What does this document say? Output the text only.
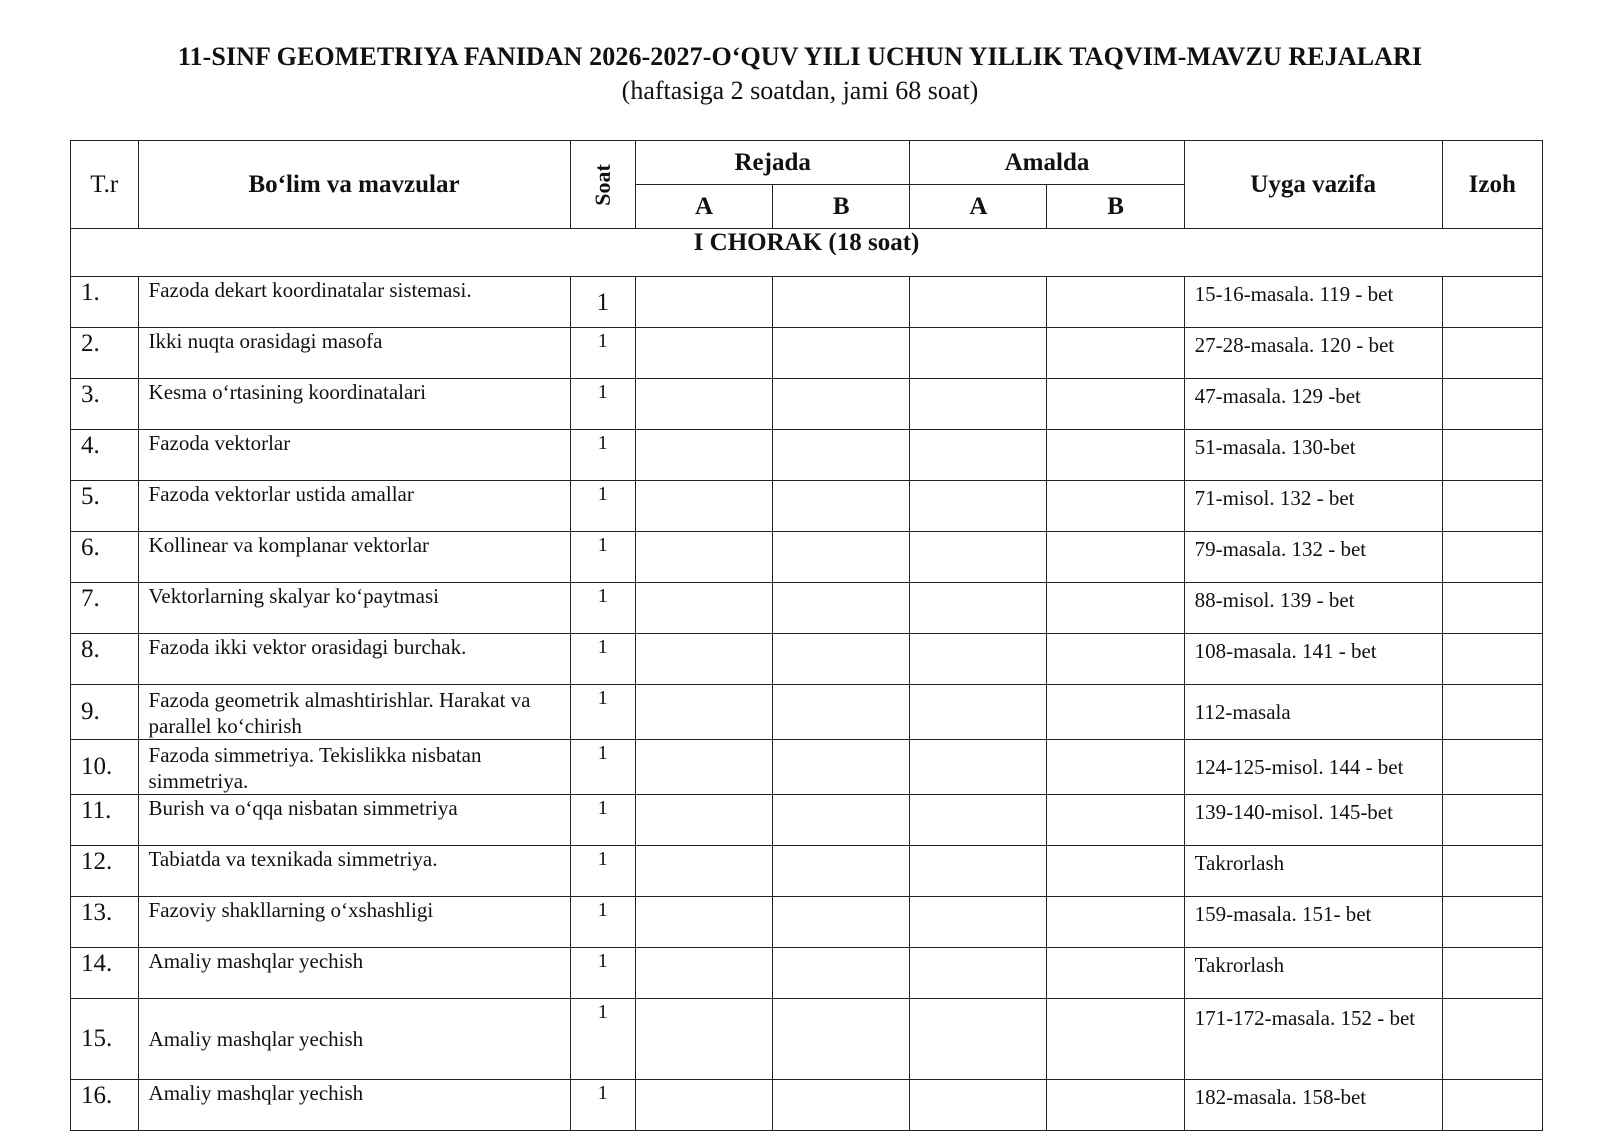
11-SINF GEOMETRIYA FANIDAN 2026-2027-O‘QUV YILI UCHUN YILLIK TAQVIM-MAVZU REJALARI
(haftasiga 2 soatdan, jami 68 soat)
T.r	Bo‘lim va mavzular	Soat	Rejada		Amalda		Uyga vazifa	Izoh
			A	B	A	B		
I CHORAK (18 soat)								
1.	Fazoda dekart koordinatalar sistemasi.	1					15-16-masala. 119 - bet	
2.	Ikki nuqta orasidagi masofa	1					27-28-masala. 120 - bet	
3.	Kesma o‘rtasining koordinatalari	1					47-masala. 129 -bet	
4.	Fazoda vektorlar	1					51-masala. 130-bet	
5.	Fazoda vektorlar ustida amallar	1					71-misol. 132 - bet	
6.	Kollinear va komplanar vektorlar	1					79-masala. 132 - bet	
7.	Vektorlarning skalyar ko‘paytmasi	1					88-misol. 139 - bet	
8.	Fazoda ikki vektor orasidagi burchak.	1					108-masala. 141 - bet	
9.	Fazoda geometrik almashtirishlar. Harakat va parallel ko‘chirish	1					112-masala	
10.	Fazoda simmetriya. Tekislikka nisbatan simmetriya.	1					124-125-misol. 144 - bet	
11.	Burish va o‘qqa nisbatan simmetriya	1					139-140-misol. 145-bet	
12.	Tabiatda va texnikada simmetriya.	1					Takrorlash	
13.	Fazoviy shakllarning o‘xshashligi	1					159-masala. 151- bet	
14.	Amaliy mashqlar yechish	1					Takrorlash	
15.	Amaliy mashqlar yechish	1					171-172-masala. 152 - bet	
16.	Amaliy mashqlar yechish	1					182-masala. 158-bet	
